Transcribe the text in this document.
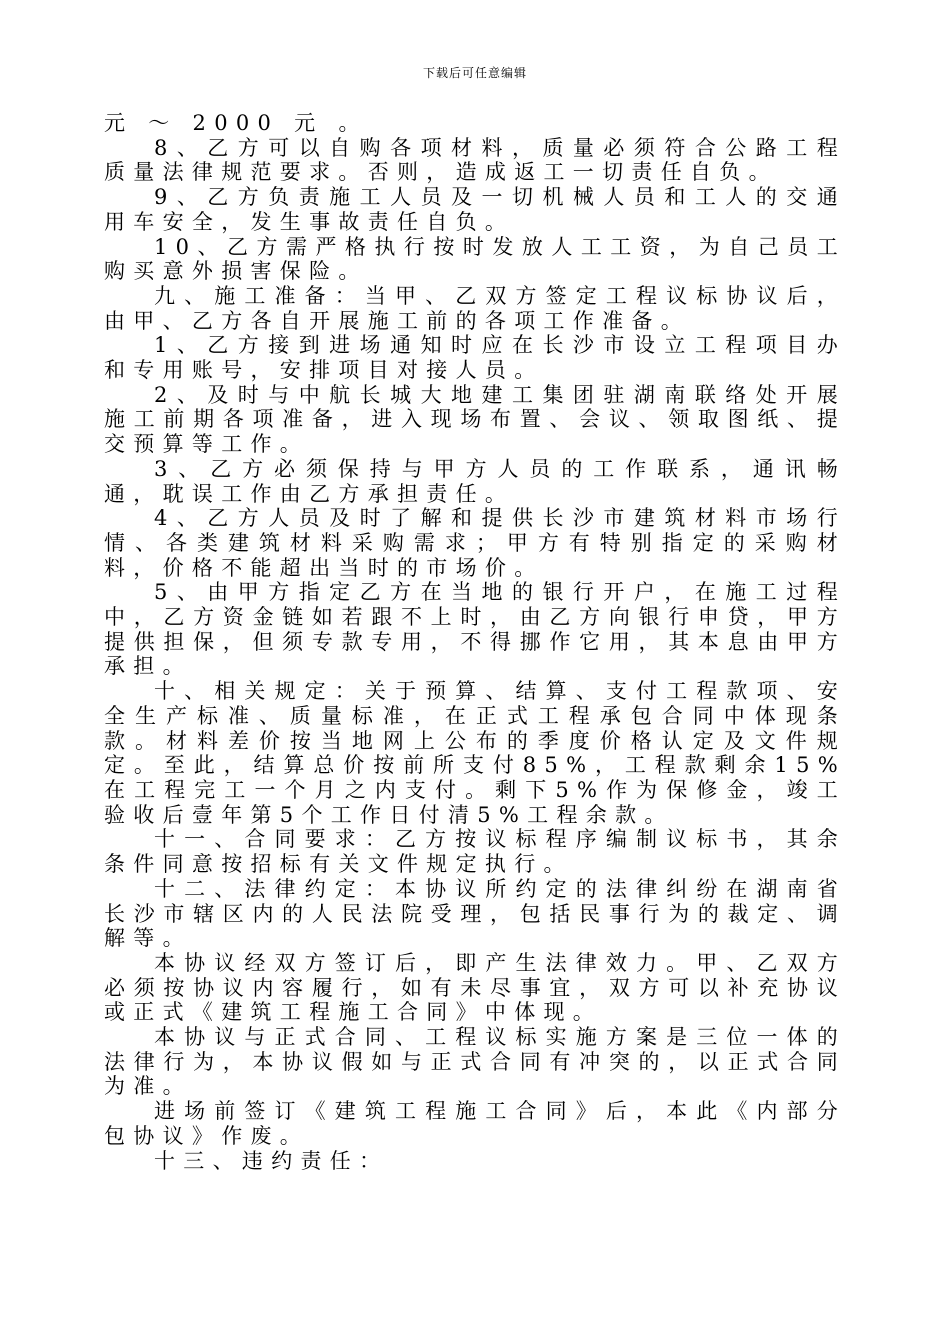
下载后可任意编辑

元 ～ 2000 元 。

8、乙方可以自购各项材料，质量必须符合公路工程质量法律规范要求。否则，造成返工一切责任自负。

9、乙方负责施工人员及一切机械人员和工人的交通用车安全，发生事故责任自负。

10、乙方需严格执行按时发放人工工资，为自己员工购买意外损害保险。

九、施工准备：当甲、乙双方签定工程议标协议后，由甲、乙方各自开展施工前的各项工作准备。

1、乙方接到进场通知时应在长沙市设立工程项目办和专用账号，安排项目对接人员。

2、及时与中航长城大地建工集团驻湖南联络处开展施工前期各项准备，进入现场布置、会议、领取图纸、提交预算等工作。

3、乙方必须保持与甲方人员的工作联系，通讯畅通，耽误工作由乙方承担责任。

4、乙方人员及时了解和提供长沙市建筑材料市场行情、各类建筑材料采购需求；甲方有特别指定的采购材料，价格不能超出当时的市场价。

5、由甲方指定乙方在当地的银行开户，在施工过程中，乙方资金链如若跟不上时，由乙方向银行申贷，甲方提供担保，但须专款专用，不得挪作它用，其本息由甲方承担。

十、相关规定：关于预算、结算、支付工程款项、安全生产标准、质量标准，在正式工程承包合同中体现条款。材料差价按当地网上公布的季度价格认定及文件规定。至此，结算总价按前所支付85%，工程款剩余15%在工程完工一个月之内支付。剩下5%作为保修金，竣工验收后壹年第5个工作日付清5%工程余款。

十一、合同要求：乙方按议标程序编制议标书，其余条件同意按招标有关文件规定执行。

十二、法律约定：本协议所约定的法律纠纷在湖南省长沙市辖区内的人民法院受理，包括民事行为的裁定、调解等。

本协议经双方签订后，即产生法律效力。甲、乙双方必须按协议内容履行，如有未尽事宜，双方可以补充协议或正式《建筑工程施工合同》中体现。

本协议与正式合同、工程议标实施方案是三位一体的法律行为，本协议假如与正式合同有冲突的，以正式合同为准。

进场前签订《建筑工程施工合同》后，本此《内部分包协议》作废。

十三、违约责任：
